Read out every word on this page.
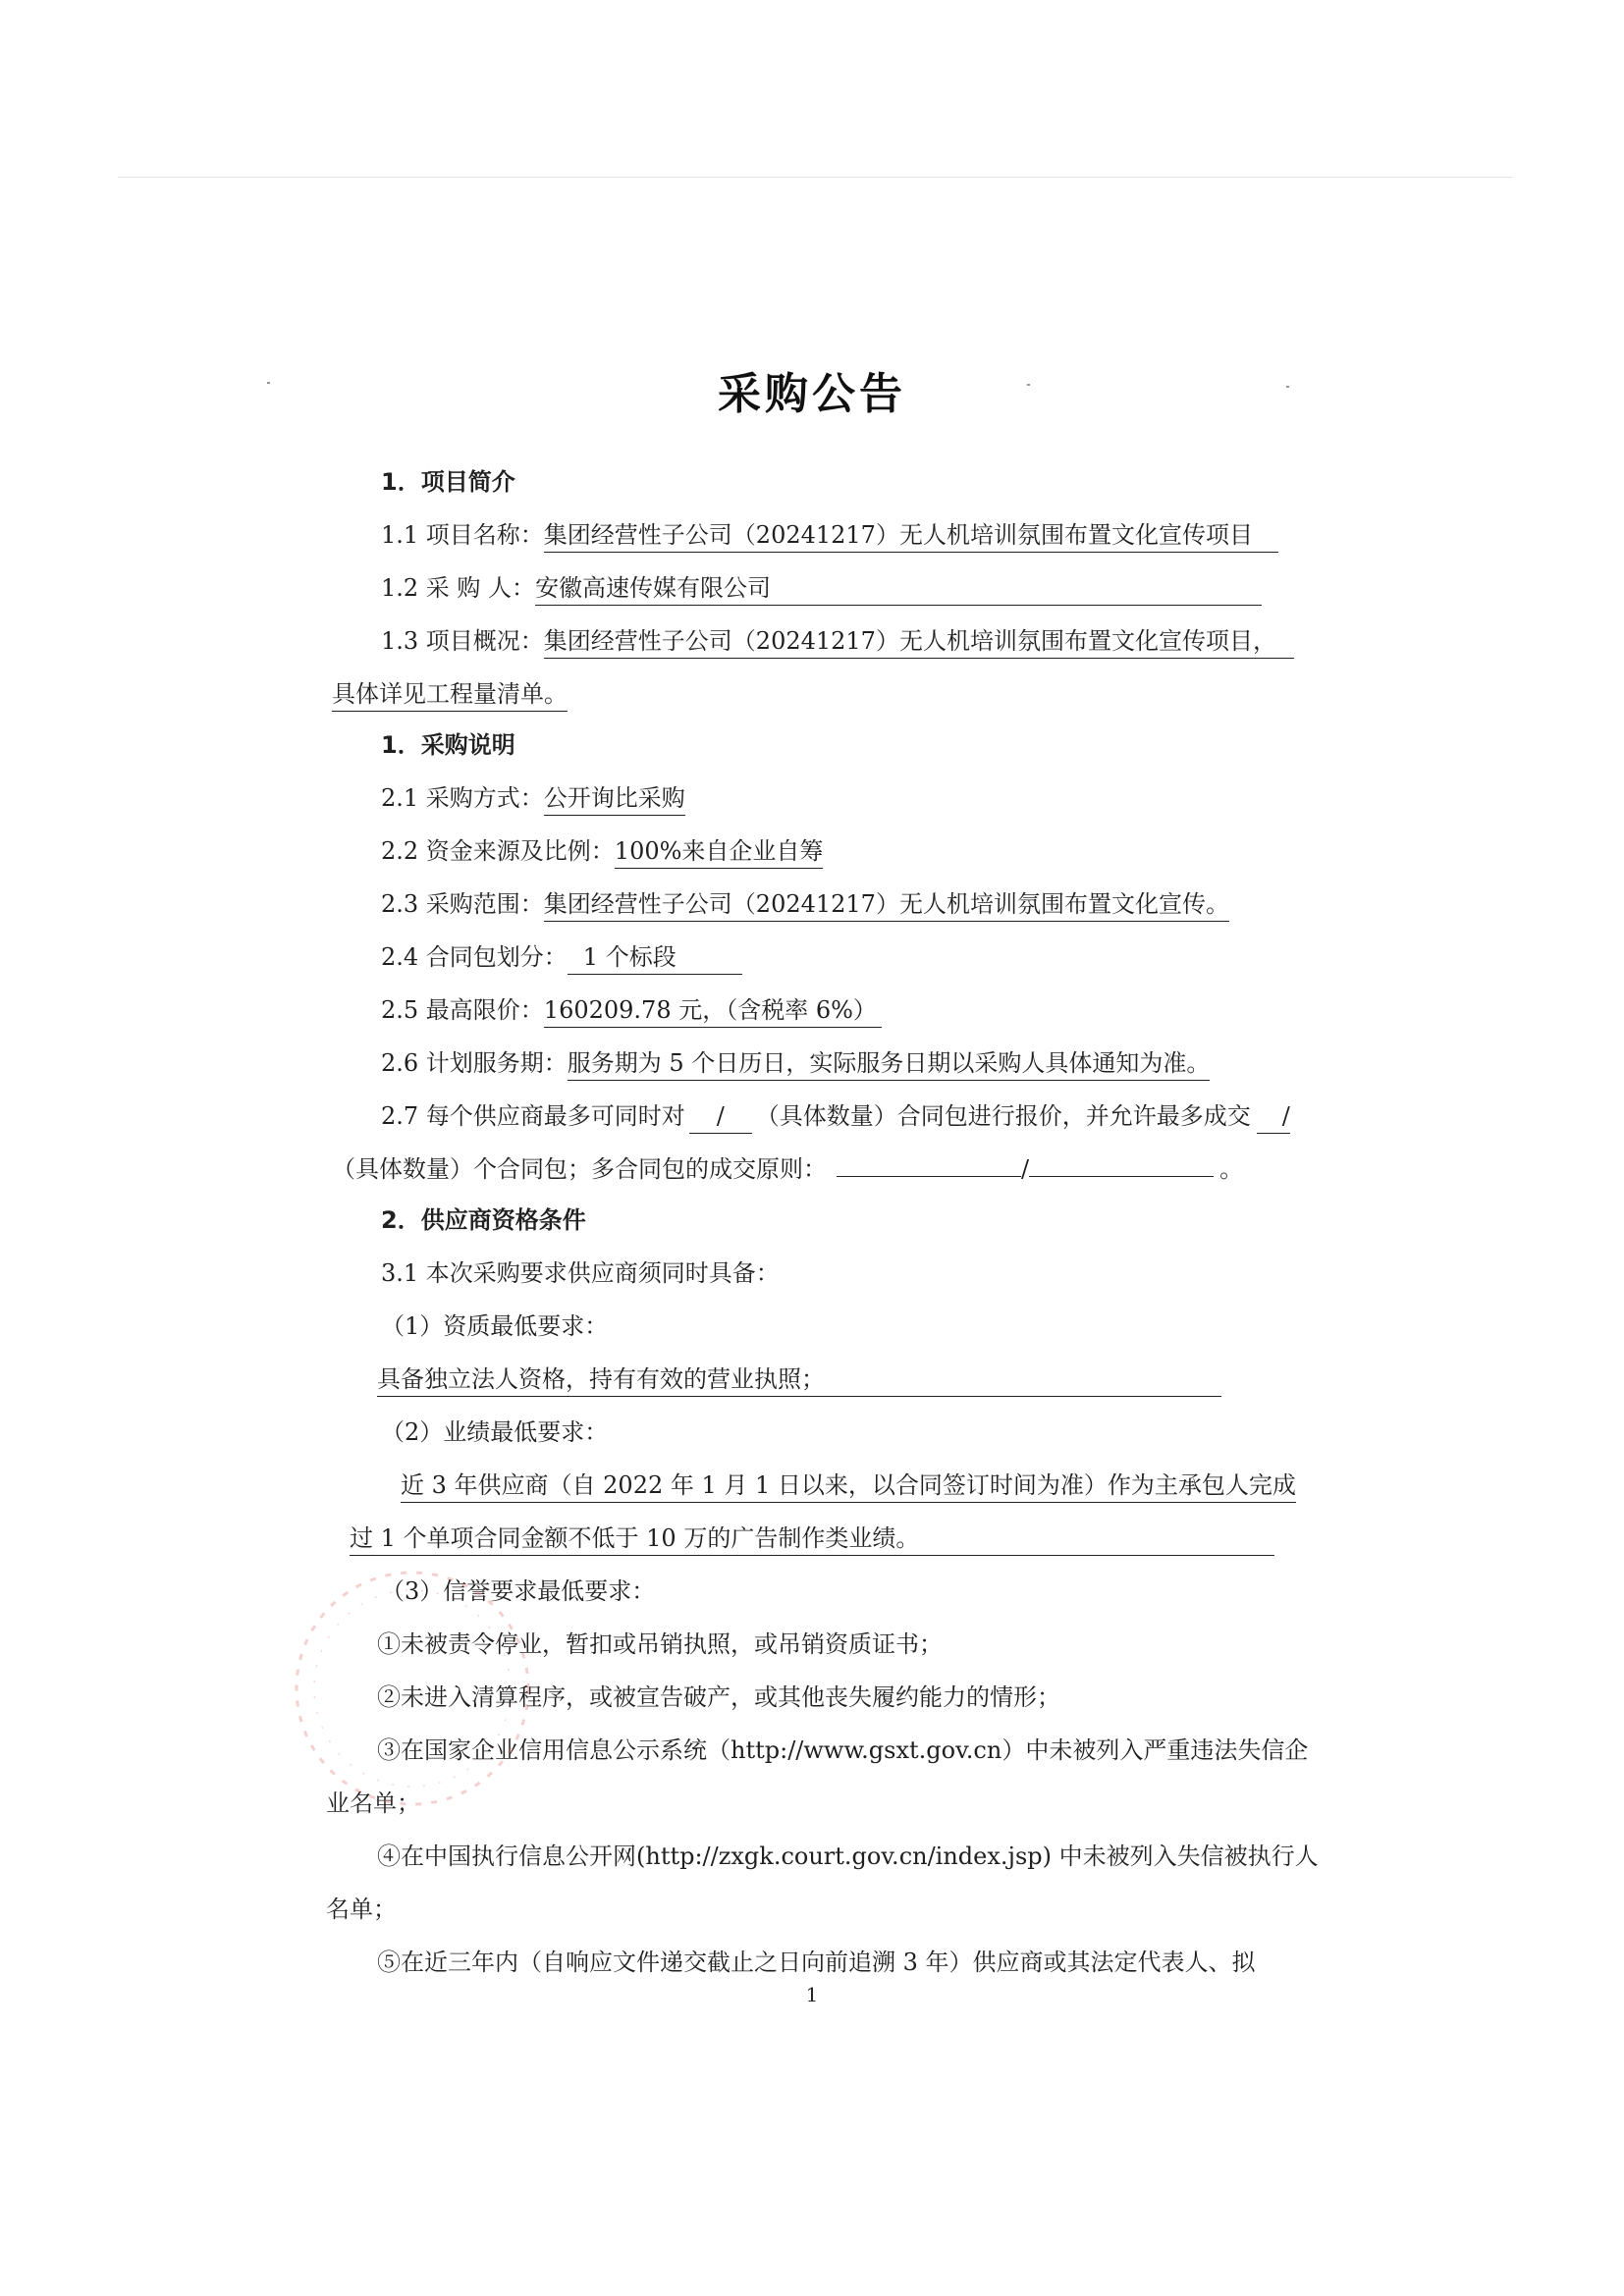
采购公告
1．项目简介
1.1 项目名称：集团经营性子公司（20241217）无人机培训氛围布置文化宣传项目
1.2 采 购 人：安徽高速传媒有限公司
1.3 项目概况：集团经营性子公司（20241217）无人机培训氛围布置文化宣传项目，
具体详见工程量清单。
1．采购说明
2.1 采购方式：公开询比采购
2.2 资金来源及比例：100%来自企业自筹
2.3 采购范围：集团经营性子公司（20241217）无人机培训氛围布置文化宣传。
2.4 合同包划分： 1 个标段
2.5 最高限价：160209.78 元，（含税率 6%）
2.6 计划服务期：服务期为 5 个日历日，实际服务日期以采购人具体通知为准。
2.7 每个供应商最多可同时对 / （具体数量）合同包进行报价，并允许最多成交 /
（具体数量）个合同包；多合同包的成交原则：	/	。
2．供应商资格条件
3.1 本次采购要求供应商须同时具备：
（1）资质最低要求：
具备独立法人资格，持有有效的营业执照；
（2）业绩最低要求：
近 3 年供应商（自 2022 年 1 月 1 日以来，以合同签订时间为准）作为主承包人完成
过 1 个单项合同金额不低于 10 万的广告制作类业绩。
（3）信誉要求最低要求：
①未被责令停业，暂扣或吊销执照，或吊销资质证书；
②未进入清算程序，或被宣告破产，或其他丧失履约能力的情形；
③在国家企业信用信息公示系统（http://www.gsxt.gov.cn）中未被列入严重违法失信企
业名单；
④在中国执行信息公开网(http://zxgk.court.gov.cn/index.jsp) 中未被列入失信被执行人
名单；
⑤在近三年内（自响应文件递交截止之日向前追溯 3 年）供应商或其法定代表人、拟
1
